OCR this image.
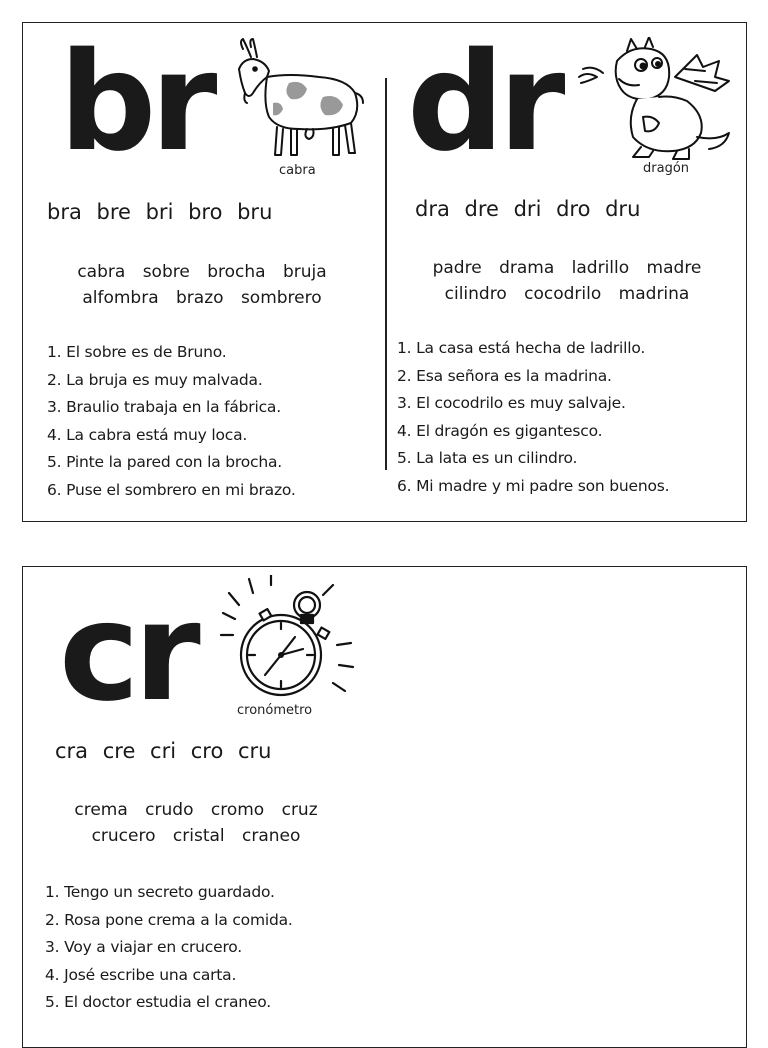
br	cabra
bra bre bri bro bru
cabra sobre brocha bruja
alfombra brazo sombrero
1. El sobre es de Bruno.
2. La bruja es muy malvada.
3. Braulio trabaja en la fábrica.
4. La cabra está muy loca.
5. Pinte la pared con la brocha.
6. Puse el sombrero en mi brazo.
dr	dragón
dra dre dri dro dru
padre drama ladrillo madre
cilindro cocodrilo madrina
1. La casa está hecha de ladrillo.
2. Esa señora es la madrina.
3. El cocodrilo es muy salvaje.
4. El dragón es gigantesco.
5. La lata es un cilindro.
6. Mi madre y mi padre son buenos.
cr	cronómetro
cra cre cri cro cru
crema crudo cromo cruz
crucero cristal craneo
1. Tengo un secreto guardado.
2. Rosa pone crema a la comida.
3. Voy a viajar en crucero.
4. José escribe una carta.
5. El doctor estudia el craneo.
